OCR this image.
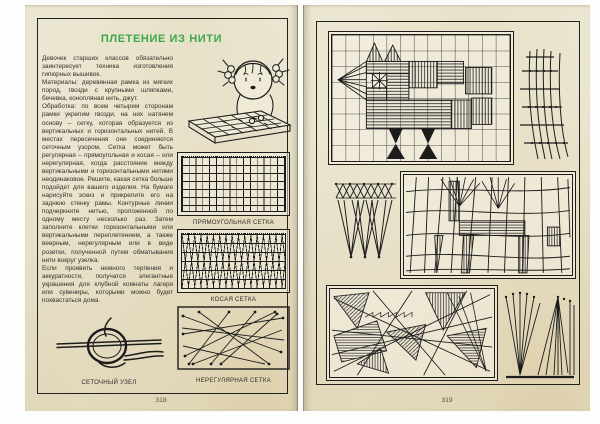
ПЛЕТЕНИЕ ИЗ НИТИ

Девочек старших классов обязательно заинтересует техника изготовления гипюрных вышивок.

Материалы: деревянная рамка из мягких пород, гвозди с крупными шляпками, бечевка, конопляная нить, джут.

Обработка: по всем четырем сторонам рамки укрепим гвозди, на них натянем основу – сетку, которая образуется из вертикальных и горизонтальных нитей. В местах пересечения они соединяются сеточным узором. Сетка может быть регулярная – прямоугольная и косая – или нерегулярная, когда расстояние между вертикальными и горизонтальными нитями неодинаковое. Решите, какая сетка больше подойдет для вашего изделия. На бумаге нарисуйте эскиз и прикрепите его на заднюю стенку рамы. Контурные линии подчеркните нитью, проложенной по одному месту несколько раз. Затем заполните клетки горизонтальными или вертикальными переплетением, а также веерным, нерегулярным или в виде розетки, полученной путем обматывания нити вокруг узелка.

Если проявить немного терпения и аккуратности, получатся элегантные украшения для клубной комнаты лагеря или сувениры, которыми можно будет похвастаться дома.

ПРЯМОУГОЛЬНАЯ СЕТКА
КОСАЯ СЕТКА
НЕРЕГУЛЯРНАЯ СЕТКА
СЕТОЧНЫЙ УЗЕЛ
318	319
